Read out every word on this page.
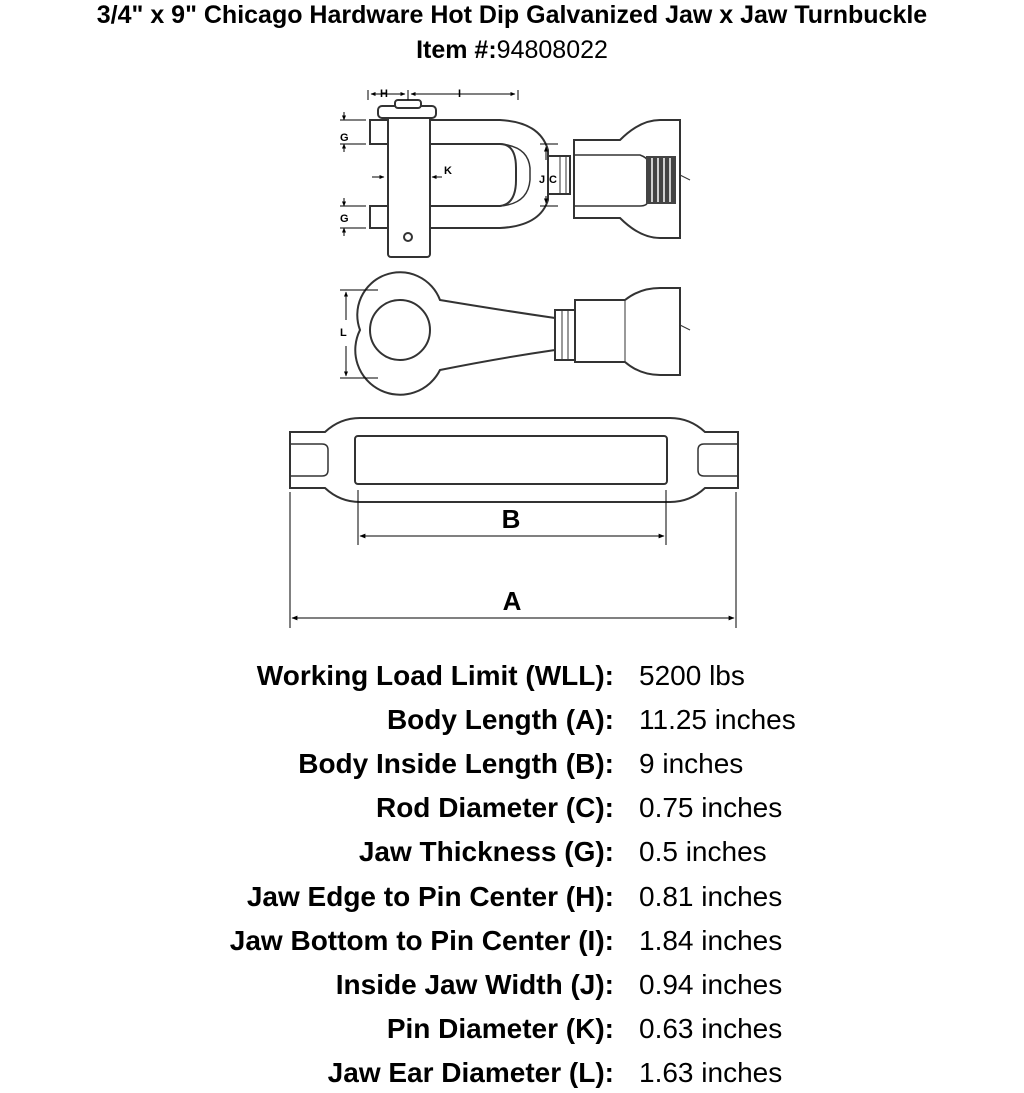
3/4" x 9" Chicago Hardware Hot Dip Galvanized Jaw x Jaw Turnbuckle
Item #:94808022
H	I
G
G
K
J C
L
B
A
Working Load Limit (WLL): 5200 lbs
Body Length (A): 11.25 inches
Body Inside Length (B): 9 inches
Rod Diameter (C): 0.75 inches
Jaw Thickness (G): 0.5 inches
Jaw Edge to Pin Center (H): 0.81 inches
Jaw Bottom to Pin Center (I): 1.84 inches
Inside Jaw Width (J): 0.94 inches
Pin Diameter (K): 0.63 inches
Jaw Ear Diameter (L): 1.63 inches
